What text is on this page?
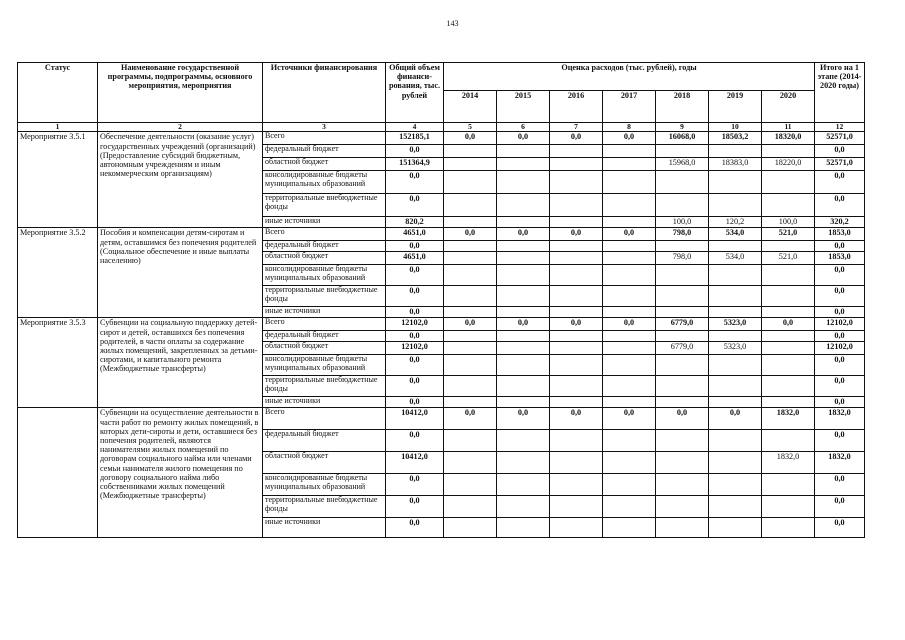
143
Статус	Наименование государственной программы, подпрограммы, основного мероприятия, мероприятия	Источники финансирования	Общий объем финанси-рования, тыс. рублей	Оценка расходов (тыс. рублей), годы							Итого на 1 этапе (2014-2020 годы)
				2014	2015	2016	2017	2018	2019	2020	
1	2	3	4	5	6	7	8	9	10	11	12
Мероприятие 3.5.1	Обеспечение деятельности (оказание услуг) государственных учреждений (организаций) (Предоставление субсидий бюджетным, автономным учреждениям и иным некоммерческим организациям)	Всего	152185,1	0,0	0,0	0,0	0,0	16068,0	18503,2	18320,0	52571,0
		федеральный бюджет	0,0								0,0
		областной бюджет	151364,9					15968,0	18383,0	18220,0	52571,0
		консолидированные бюджеты муниципальных образований	0,0								0,0
		территориальные внебюджетные фонды	0,0								0,0
		иные источники	820,2					100,0	120,2	100,0	320,2
Мероприятие 3.5.2	Пособия и компенсации детям-сиротам и детям, оставшимся без попечения родителей (Социальное обеспечение и иные выплаты населению)	Всего	4651,0	0,0	0,0	0,0	0,0	798,0	534,0	521,0	1853,0
		федеральный бюджет	0,0								0,0
		областной бюджет	4651,0					798,0	534,0	521,0	1853,0
		консолидированные бюджеты муниципальных образований	0,0								0,0
		территориальные внебюджетные фонды	0,0								0,0
		иные источники	0,0								0,0
Мероприятие 3.5.3	Субвенции на социальную поддержку детей-сирот и детей, оставшихся без попечения родителей, в части оплаты за содержание жилых помещений, закрепленных за детьми-сиротами, и капитального ремонта (Межбюджетные трансферты)	Всего	12102,0	0,0	0,0	0,0	0,0	6779,0	5323,0	0,0	12102,0
		федеральный бюджет	0,0								0,0
		областной бюджет	12102,0					6779,0	5323,0		12102,0
		консолидированные бюджеты муниципальных образований	0,0								0,0
		территориальные внебюджетные фонды	0,0								0,0
		иные источники	0,0								0,0
	Субвенции на осуществление деятельности в части работ по ремонту жилых помещений, в которых дети-сироты и дети, оставшиеся без попечения родителей, являются нанимателями жилых помещений по договорам социального найма или членами семьи нанимателя жилого помещения по договору социального найма либо собственниками жилых помещений (Межбюджетные трансферты)	Всего	10412,0	0,0	0,0	0,0	0,0	0,0	0,0	1832,0	1832,0
		федеральный бюджет	0,0								0,0
		областной бюджет	10412,0							1832,0	1832,0
		консолидированные бюджеты муниципальных образований	0,0								0,0
		территориальные внебюджетные фонды	0,0								0,0
		иные источники	0,0								0,0
